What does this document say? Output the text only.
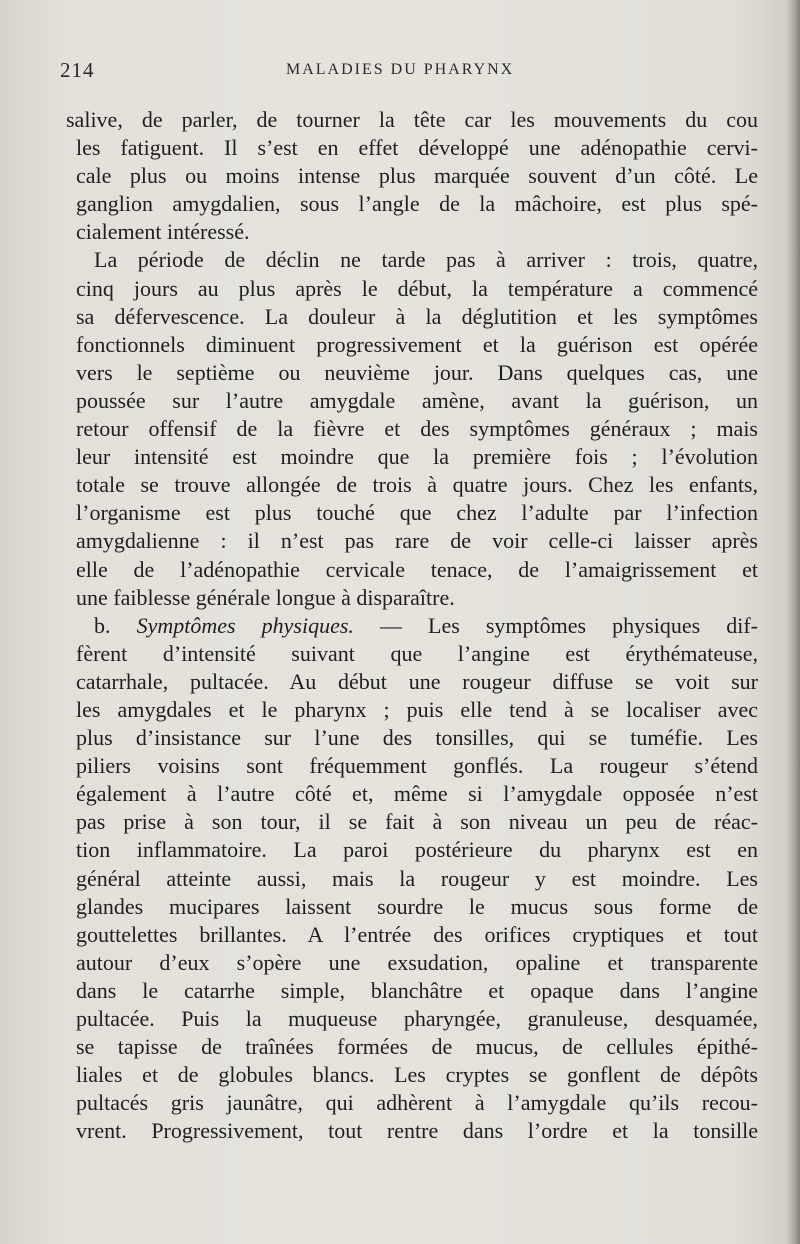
214	MALADIES DU PHARYNX
salive, de parler, de tourner la tête car les mouvements du cou
les fatiguent. Il s’est en effet développé une adénopathie cervi-
cale plus ou moins intense plus marquée souvent d’un côté. Le
ganglion amygdalien, sous l’angle de la mâchoire, est plus spé-
cialement intéressé.
La période de déclin ne tarde pas à arriver : trois, quatre,
cinq jours au plus après le début, la température a commencé
sa défervescence. La douleur à la déglutition et les symptômes
fonctionnels diminuent progressivement et la guérison est opérée
vers le septième ou neuvième jour. Dans quelques cas, une
poussée sur l’autre amygdale amène, avant la guérison, un
retour offensif de la fièvre et des symptômes généraux ; mais
leur intensité est moindre que la première fois ; l’évolution
totale se trouve allongée de trois à quatre jours. Chez les enfants,
l’organisme est plus touché que chez l’adulte par l’infection
amygdalienne : il n’est pas rare de voir celle-ci laisser après
elle de l’adénopathie cervicale tenace, de l’amaigrissement et
une faiblesse générale longue à disparaître.
b. Symptômes physiques. — Les symptômes physiques dif-
fèrent d’intensité suivant que l’angine est érythémateuse,
catarrhale, pultacée. Au début une rougeur diffuse se voit sur
les amygdales et le pharynx ; puis elle tend à se localiser avec
plus d’insistance sur l’une des tonsilles, qui se tuméfie. Les
piliers voisins sont fréquemment gonflés. La rougeur s’étend
également à l’autre côté et, même si l’amygdale opposée n’est
pas prise à son tour, il se fait à son niveau un peu de réac-
tion inflammatoire. La paroi postérieure du pharynx est en
général atteinte aussi, mais la rougeur y est moindre. Les
glandes mucipares laissent sourdre le mucus sous forme de
gouttelettes brillantes. A l’entrée des orifices cryptiques et tout
autour d’eux s’opère une exsudation, opaline et transparente
dans le catarrhe simple, blanchâtre et opaque dans l’angine
pultacée. Puis la muqueuse pharyngée, granuleuse, desquamée,
se tapisse de traînées formées de mucus, de cellules épithé-
liales et de globules blancs. Les cryptes se gonflent de dépôts
pultacés gris jaunâtre, qui adhèrent à l’amygdale qu’ils recou-
vrent. Progressivement, tout rentre dans l’ordre et la tonsille
